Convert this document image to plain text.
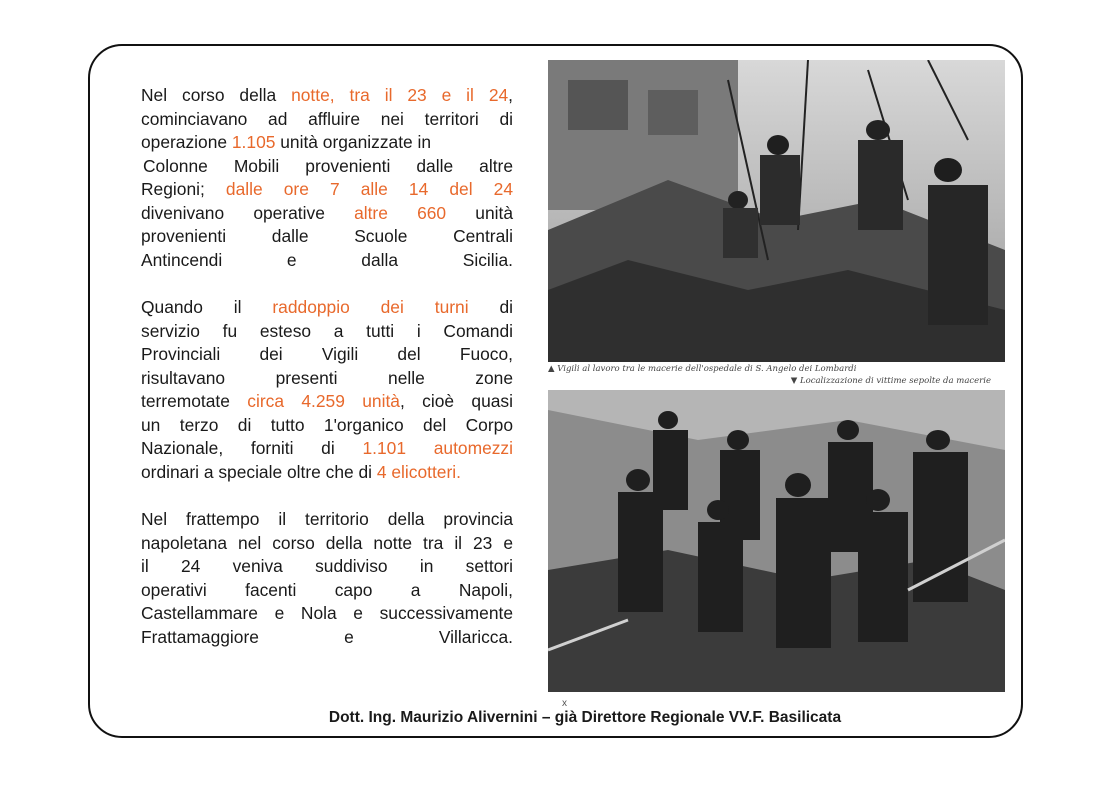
Nel corso della notte, tra il 23 e il 24,
cominciavano ad affluire nei territori di
operazione 1.105 unità organizzate in
Colonne Mobili provenienti dalle altre
Regioni; dalle ore 7 alle 14 del 24
divenivano operative altre 660 unità
provenienti dalle Scuole Centrali
Antincendi e dalla Sicilia.

Quando il raddoppio dei turni di
servizio fu esteso a tutti i Comandi
Provinciali dei Vigili del Fuoco,
risultavano presenti nelle zone
terremotate circa 4.259 unità, cioè quasi
un terzo di tutto 1'organico del Corpo
Nazionale, forniti di 1.101 automezzi
ordinari a speciale oltre che di 4 elicotteri.

Nel frattempo il territorio della provincia
napoletana nel corso della notte tra il 23 e
il 24 veniva suddiviso in settori
operativi facenti capo a Napoli,
Castellammare e Nola e successivamente
Frattamaggiore e Villaricca.

▲ Vigili al lavoro tra le macerie dell'ospedale di S. Angelo dei Lombardi
▼ Localizzazione di vittime sepolte da macerie
x
Dott. Ing. Maurizio Alivernini – già Direttore Regionale VV.F. Basilicata
